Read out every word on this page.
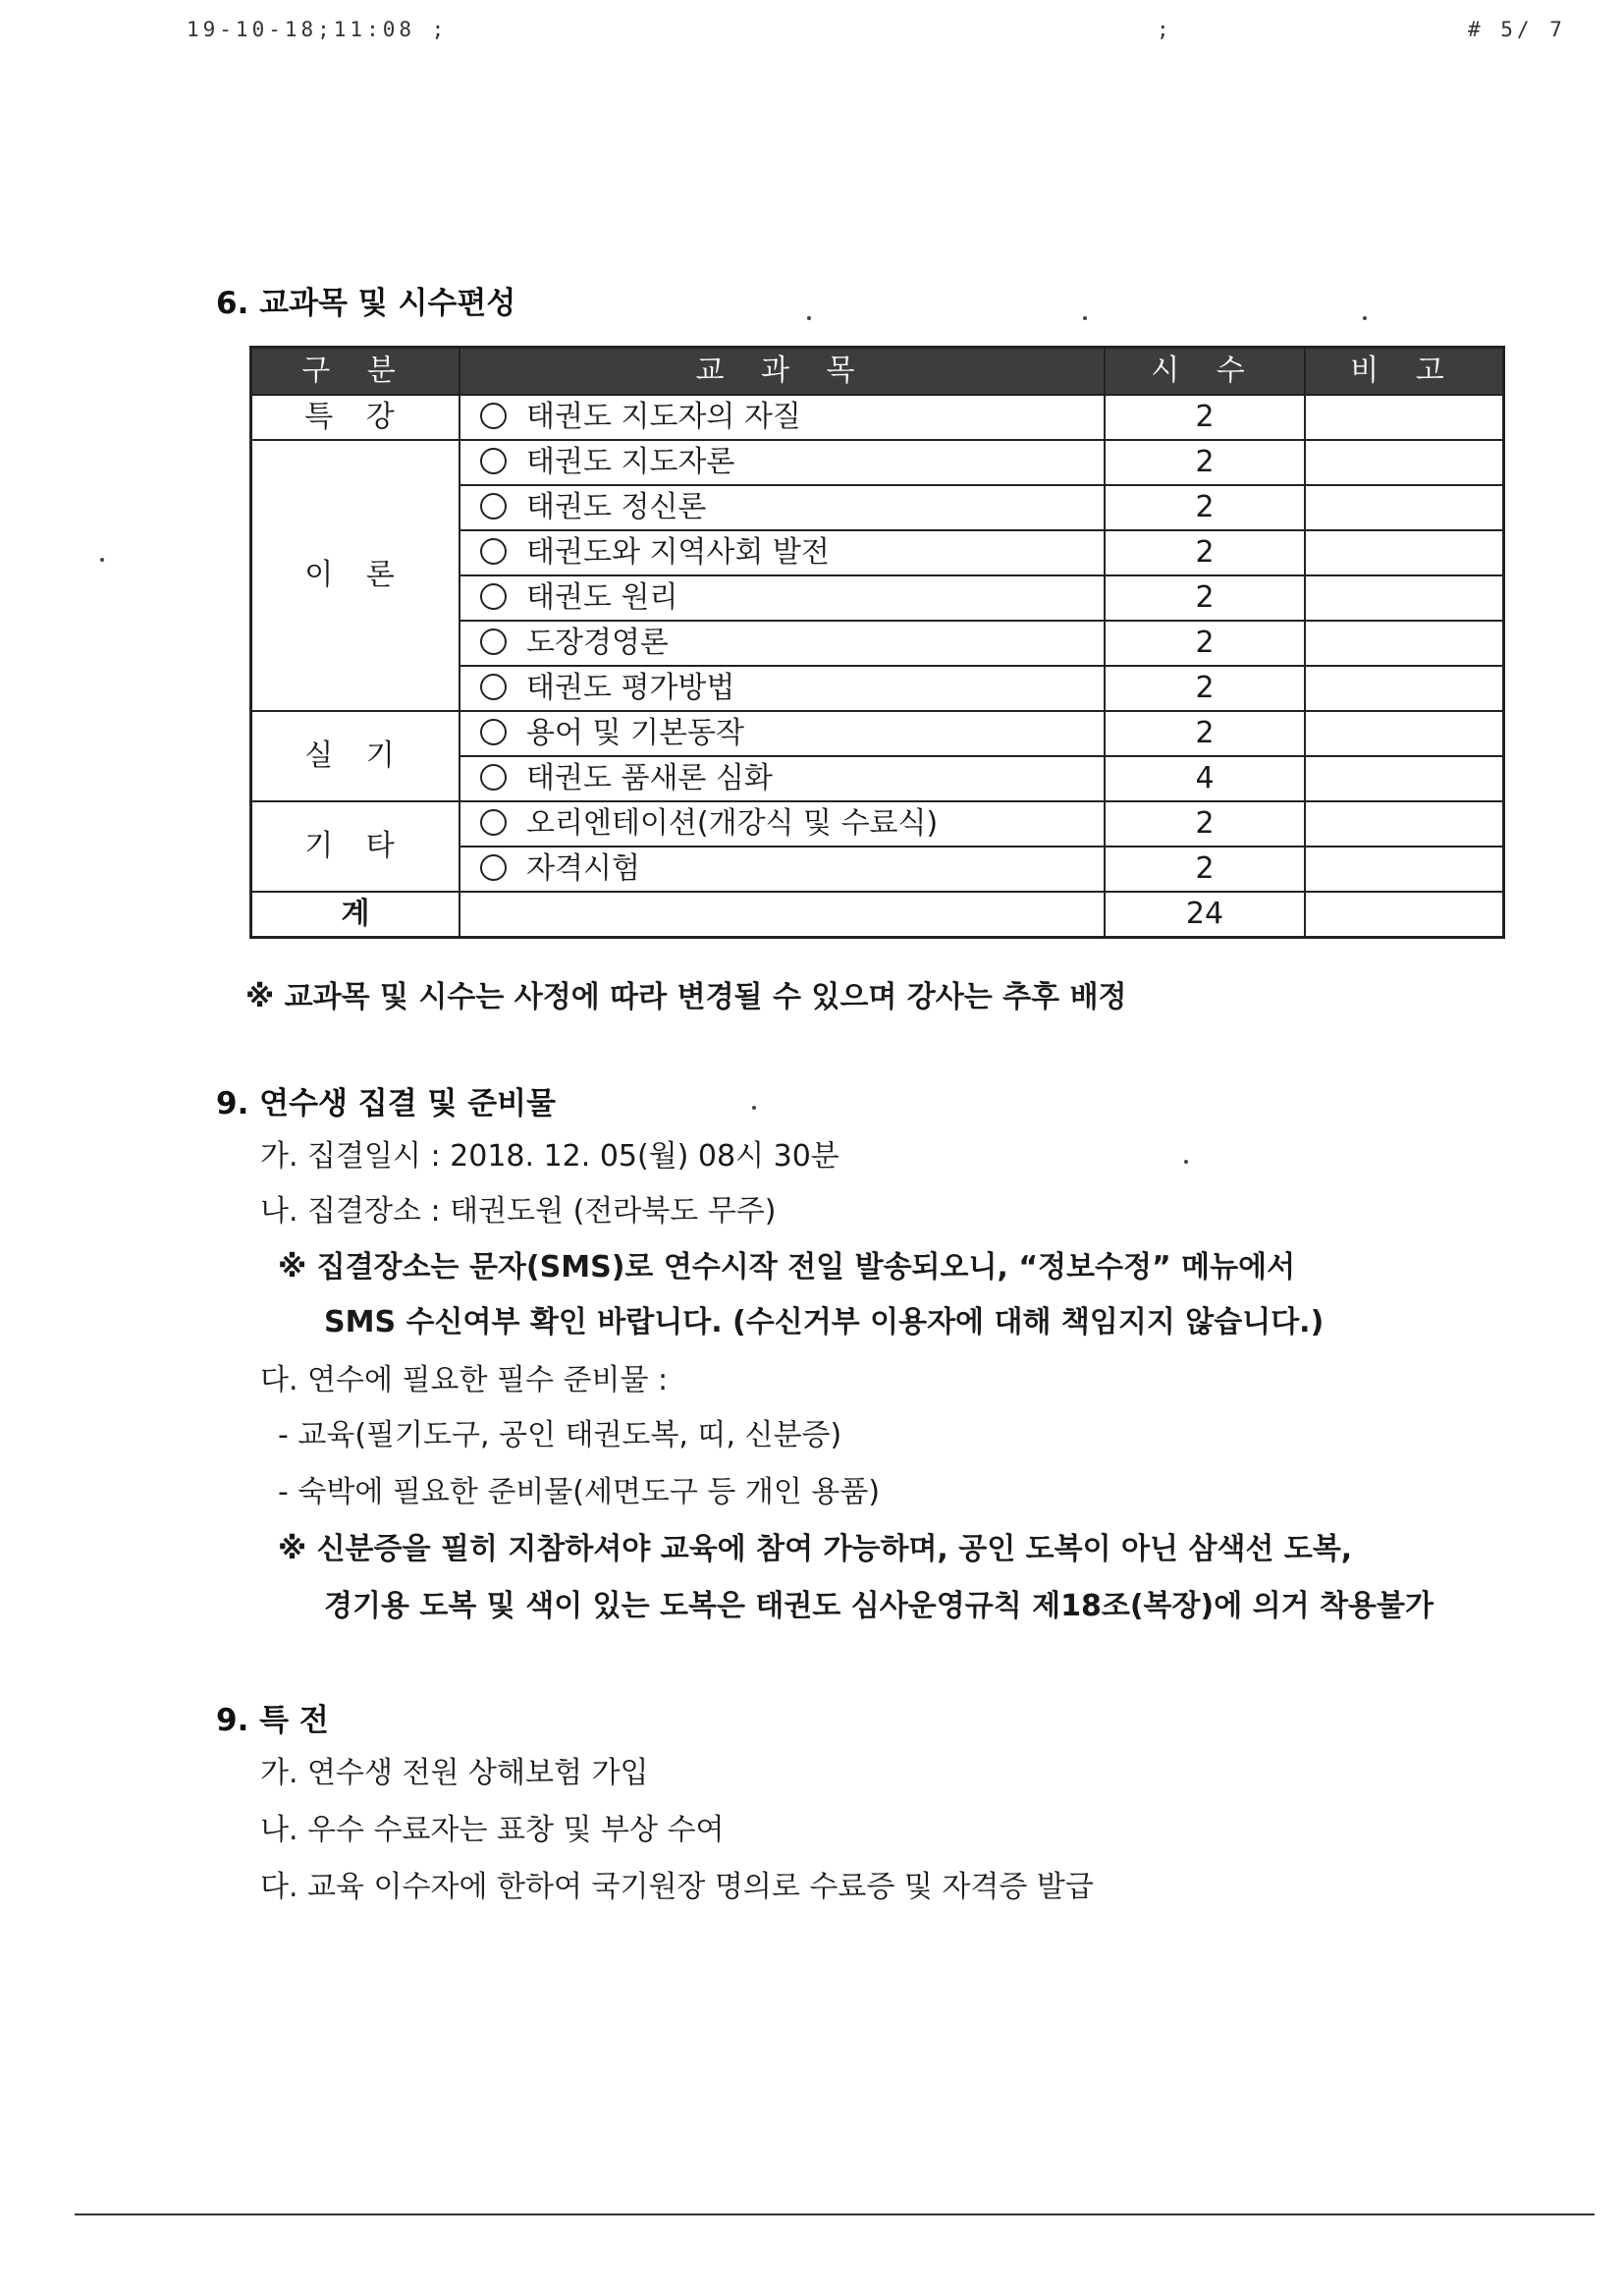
19-10-18;11:08 ;	;	# 5/ 7
6. 교과목 및 시수편성
구 분	교 과 목	시 수	비 고
특 강	태권도 지도자의 자질	2	
이 론	태권도 지도자론	2	
	태권도 정신론	2	
	태권도와 지역사회 발전	2	
	태권도 원리	2	
	도장경영론	2	
	태권도 평가방법	2	
실 기	용어 및 기본동작	2	
	태권도 품새론 심화	4	
기 타	오리엔테이션(개강식 및 수료식)	2	
	자격시험	2	
계		24	
※ 교과목 및 시수는 사정에 따라 변경될 수 있으며 강사는 추후 배정
9. 연수생 집결 및 준비물
가. 집결일시 : 2018. 12. 05(월) 08시 30분
나. 집결장소 : 태권도원 (전라북도 무주)
※ 집결장소는 문자(SMS)로 연수시작 전일 발송되오니, “정보수정” 메뉴에서
SMS 수신여부 확인 바랍니다. (수신거부 이용자에 대해 책임지지 않습니다.)
다. 연수에 필요한 필수 준비물 :
- 교육(필기도구, 공인 태권도복, 띠, 신분증)
- 숙박에 필요한 준비물(세면도구 등 개인 용품)
※ 신분증을 필히 지참하셔야 교육에 참여 가능하며, 공인 도복이 아닌 삼색선 도복,
경기용 도복 및 색이 있는 도복은 태권도 심사운영규칙 제18조(복장)에 의거 착용불가
9. 특 전
가. 연수생 전원 상해보험 가입
나. 우수 수료자는 표창 및 부상 수여
다. 교육 이수자에 한하여 국기원장 명의로 수료증 및 자격증 발급
